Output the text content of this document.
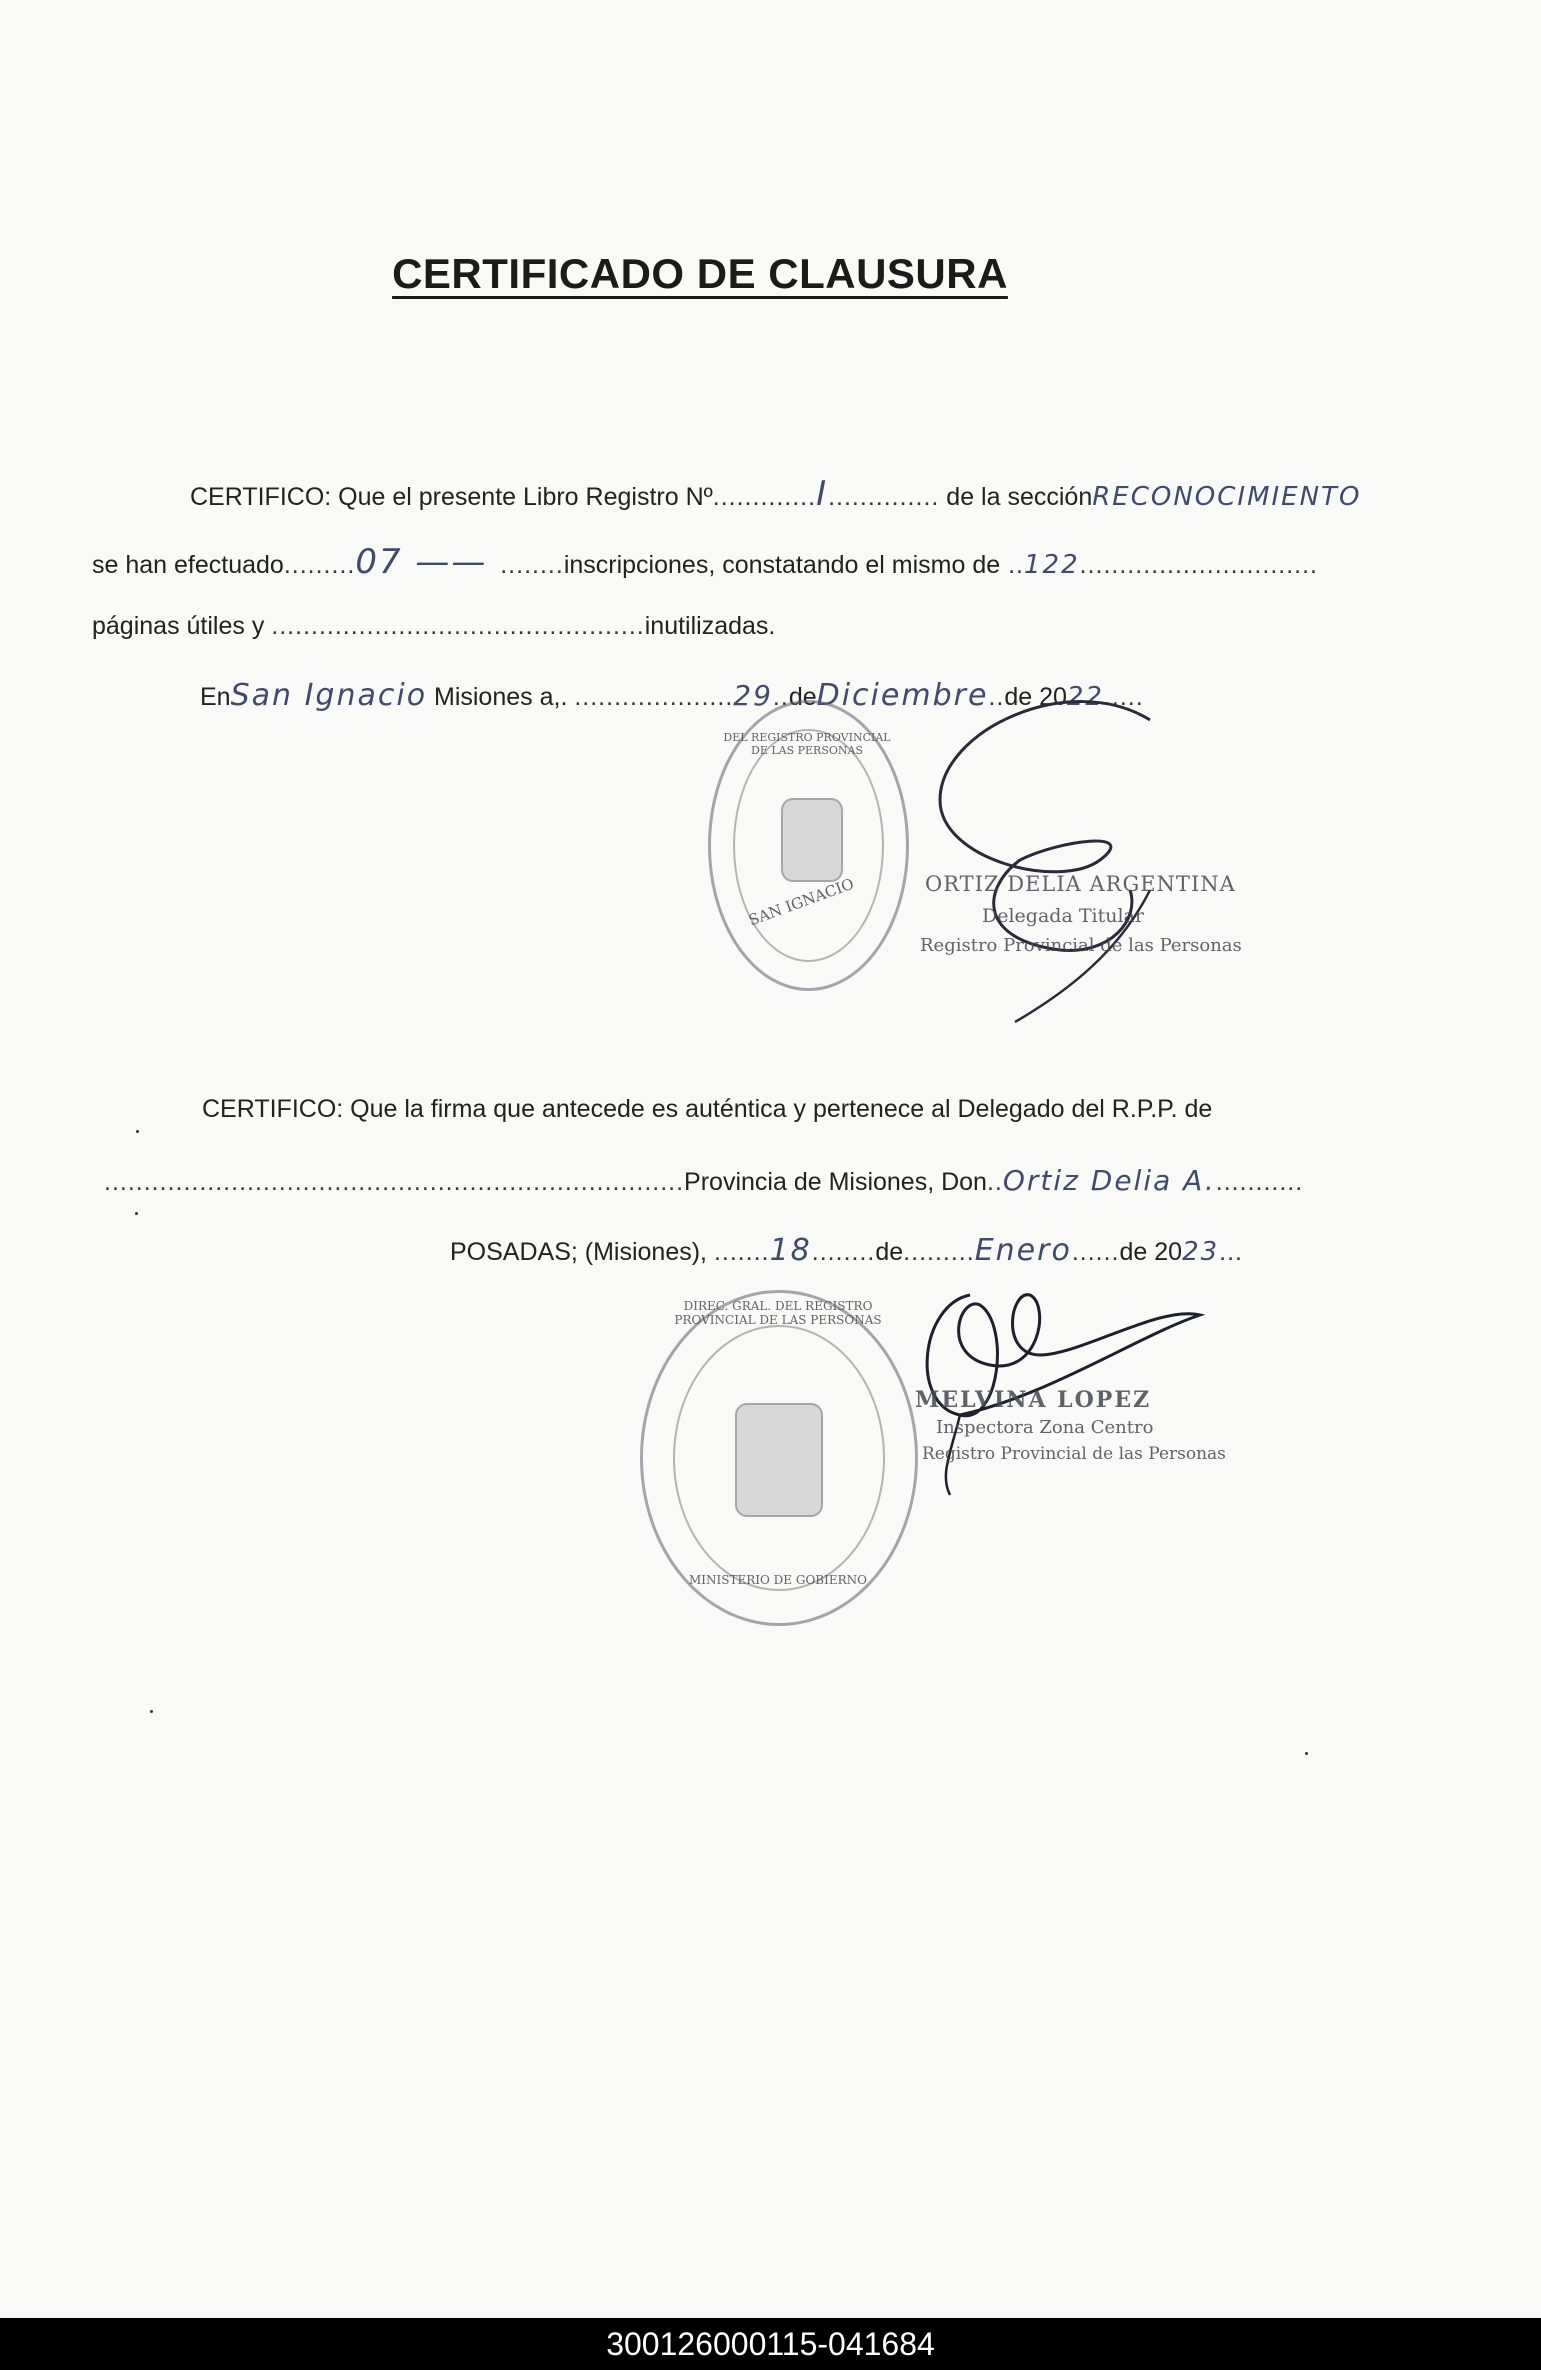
CERTIFICADO DE CLAUSURA
CERTIFICO: Que el presente Libro Registro Nº.............I.............. de la secciónRECONOCIMIENTO
se han efectuado.........07 —— ........inscripciones, constatando el mismo de ..122..............................
páginas útiles y ...............................................inutilizadas.
EnSan Ignacio Misiones a,. ....................29..deDiciembre..de 2022.....
DEL REGISTRO PROVINCIAL DE LAS PERSONAS
SAN IGNACIO	ORTIZ DELIA ARGENTINA
Delegada Titular
Registro Provincial de las Personas
CERTIFICO: Que la firma que antecede es auténtica y pertenece al Delegado del R.P.P. de
.........................................................................Provincia de Misiones, Don..Ortiz Delia A............
POSADAS; (Misiones), .......18........de.........Enero......de 2023...
DIREC. GRAL. DEL REGISTRO PROVINCIAL DE LAS PERSONAS
MINISTERIO DE GOBIERNO
MELVINA LOPEZ
Inspectora Zona Centro
Registro Provincial de las Personas
300126000115-041684
